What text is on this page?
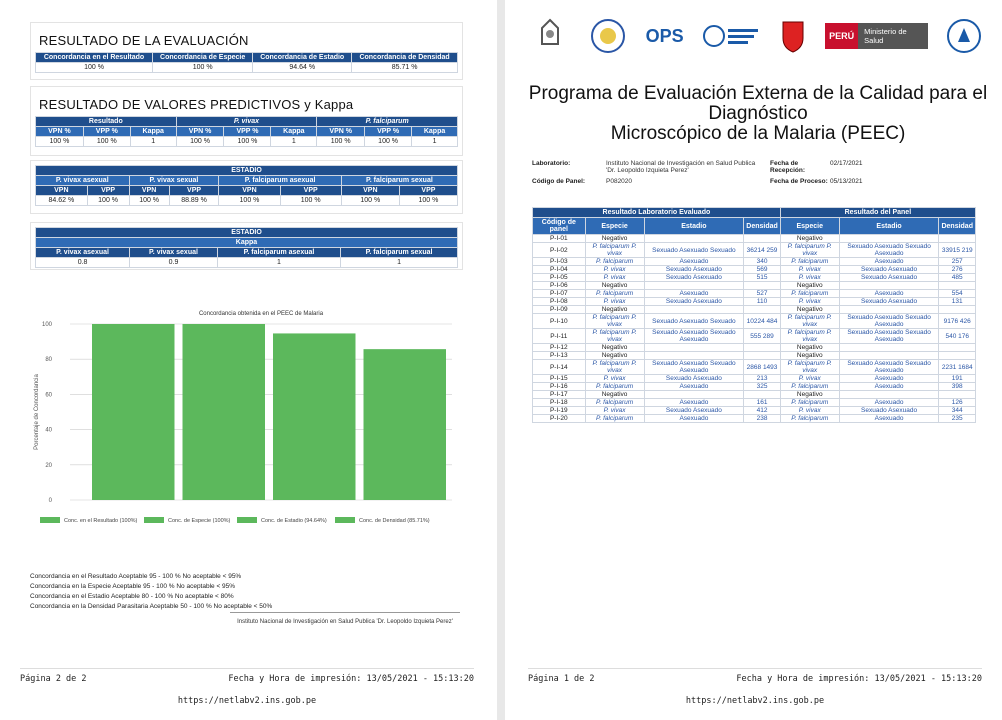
RESULTADO DE LA EVALUACIÓN
Concordancia en el Resultado	Concordancia de Especie	Concordancia de Estadio	Concordancia de Densidad
100 %	100 %	94.64 %	85.71 %
RESULTADO DE VALORES PREDICTIVOS y Kappa
Resultado			P. vivax			P. falciparum		
VPN %	VPP %	Kappa	VPN %	VPP %	Kappa	VPN %	VPP %	Kappa
100 %	100 %	1	100 %	100 %	1	100 %	100 %	1
ESTADIO							
P. vivax asexual		P. vivax sexual		P. falciparum asexual		P. falciparum sexual	
VPN	VPP	VPN	VPP	VPN	VPP	VPN	VPP
84.62 %	100 %	100 %	88.89 %	100 %	100 %	100 %	100 %
ESTADIO			
Kappa			
P. vivax asexual	P. vivax sexual	P. falciparum asexual	P. falciparum sexual
0.8	0.9	1	1
Concordancia obtenida en el PEEC de Malaria
0
20
40
60
80
100
Porcentaje de Concordancia
Conc. en el Resultado (100%)	Conc. de Especie (100%)	Conc. de Estadio (94.64%)	Conc. de Densidad (85.71%)
Concordancia en el Resultado Aceptable 95 - 100 % No aceptable < 95%
Concordancia en la Especie Aceptable 95 - 100 % No aceptable < 95%
Concordancia en el Estadio Aceptable 80 - 100 % No aceptable < 80%
Concordancia en la Densidad Parasitaria Aceptable 50 - 100 % No aceptable < 50%
Instituto Nacional de Investigación en Salud Publica 'Dr. Leopoldo Izquieta Perez'
Página 2 de 2	Fecha y Hora de impresión: 13/05/2021 - 15:13:20
https://netlabv2.ins.gob.pe
OPS	PERÚ	Ministerio de Salud
Programa de Evaluación Externa de la Calidad para el
Diagnóstico
Microscópico de la Malaria (PEEC)
Laboratorio:	Instituto Nacional de Investigación en Salud Publica 'Dr. Leopoldo Izquieta Perez'
Fecha de Recepción:
02/17/2021
Código de Panel:	P082020	Fecha de Proceso: 05/13/2021
Resultado Laboratorio Evaluado				Resultado del Panel		
Código de panel	Especie	Estadio	Densidad	Especie	Estadio	Densidad
P-I-01	Negativo			Negativo		
P-I-02	P. falciparum P. vivax	Sexuado Asexuado Sexuado	36214 259	P. falciparum P. vivax	Sexuado Asexuado Sexuado Asexuado	33915 219
P-I-03	P. falciparum	Asexuado	340	P. falciparum	Asexuado	257
P-I-04	P. vivax	Sexuado Asexuado	569	P. vivax	Sexuado Asexuado	276
P-I-05	P. vivax	Sexuado Asexuado	515	P. vivax	Sexuado Asexuado	485
P-I-06	Negativo			Negativo		
P-I-07	P. falciparum	Asexuado	527	P. falciparum	Asexuado	554
P-I-08	P. vivax	Sexuado Asexuado	110	P. vivax	Sexuado Asexuado	131
P-I-09	Negativo			Negativo		
P-I-10	P. falciparum P. vivax	Sexuado Asexuado Sexuado	10224 484	P. falciparum P. vivax	Sexuado Asexuado Sexuado Asexuado	9176 426
P-I-11	P. falciparum P. vivax	Sexuado Asexuado Sexuado Asexuado	555 289	P. falciparum P. vivax	Sexuado Asexuado Sexuado Asexuado	540 176
P-I-12	Negativo			Negativo		
P-I-13	Negativo			Negativo		
P-I-14	P. falciparum P. vivax	Sexuado Asexuado Sexuado Asexuado	2868 1493	P. falciparum P. vivax	Sexuado Asexuado Sexuado Asexuado	2231 1684
P-I-15	P. vivax	Sexuado Asexuado	213	P. vivax	Asexuado	191
P-I-16	P. falciparum	Asexuado	325	P. falciparum	Asexuado	398
P-I-17	Negativo			Negativo		
P-I-18	P. falciparum	Asexuado	161	P. falciparum	Asexuado	126
P-I-19	P. vivax	Sexuado Asexuado	412	P. vivax	Sexuado Asexuado	344
P-I-20	P. falciparum	Asexuado	238	P. falciparum	Asexuado	235
Página 1 de 2	Fecha y Hora de impresión: 13/05/2021 - 15:13:20
https://netlabv2.ins.gob.pe
